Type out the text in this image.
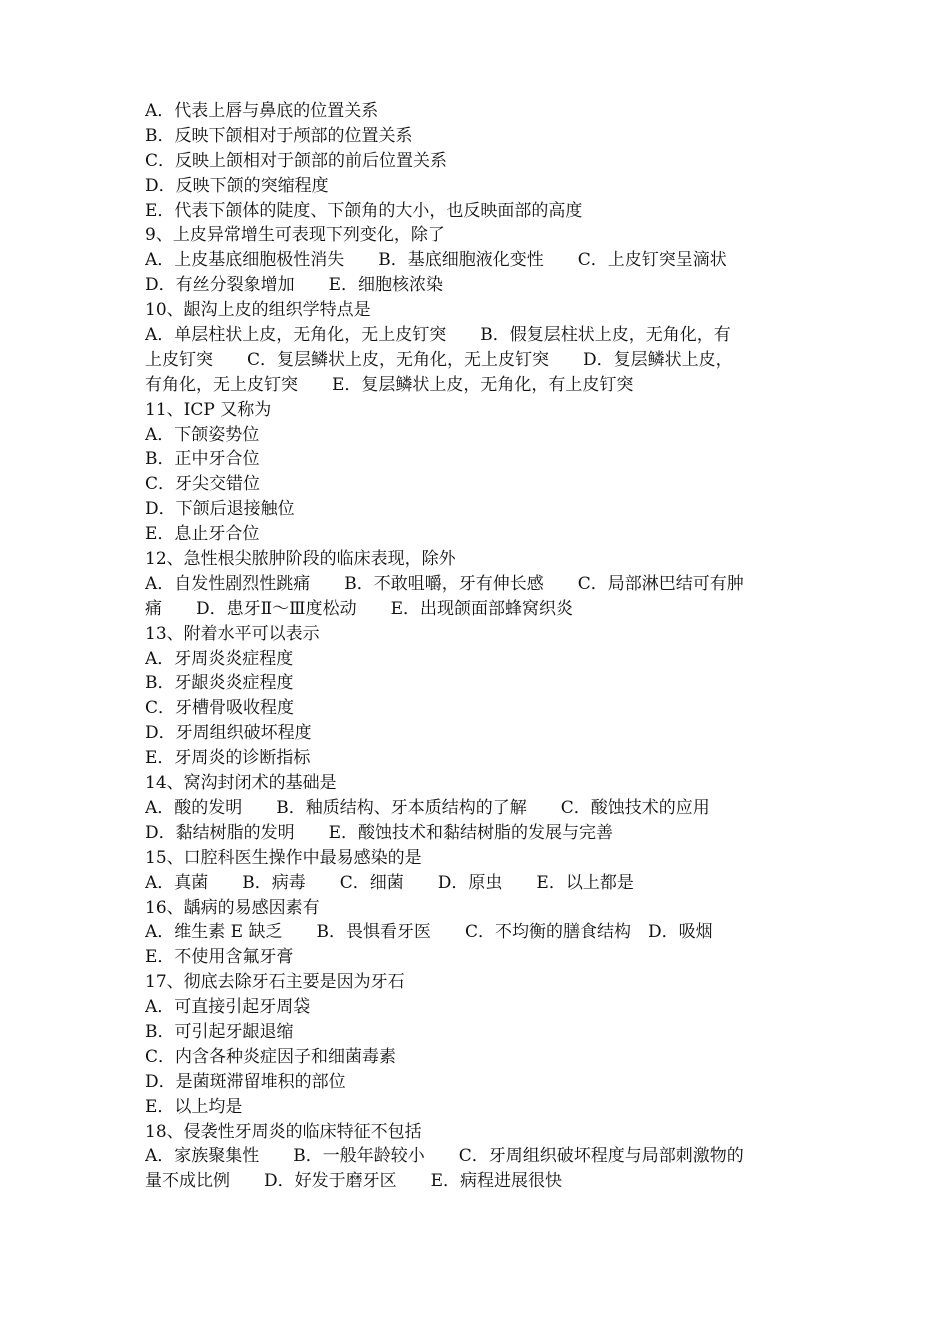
A．代表上唇与鼻底的位置关系
B．反映下颌相对于颅部的位置关系
C．反映上颌相对于颌部的前后位置关系
D．反映下颌的突缩程度
E．代表下颌体的陡度、下颌角的大小，也反映面部的高度
9、上皮异常增生可表现下列变化，除了
A．上皮基底细胞极性消失　　B．基底细胞液化变性　　C．上皮钉突呈滴状
D．有丝分裂象增加　　E．细胞核浓染
10、龈沟上皮的组织学特点是
A．单层柱状上皮，无角化，无上皮钉突　　B．假复层柱状上皮，无角化，有
上皮钉突　　C．复层鳞状上皮，无角化，无上皮钉突　　D．复层鳞状上皮，
有角化，无上皮钉突　　E．复层鳞状上皮，无角化，有上皮钉突
11、ICP 又称为
A．下颌姿势位
B．正中牙合位
C．牙尖交错位
D．下颌后退接触位
E．息止牙合位
12、急性根尖脓肿阶段的临床表现，除外
A．自发性剧烈性跳痛　　B．不敢咀嚼，牙有伸长感　　C．局部淋巴结可有肿
痛　　D．患牙Ⅱ～Ⅲ度松动　　E．出现颌面部蜂窝织炎
13、附着水平可以表示
A．牙周炎炎症程度
B．牙龈炎炎症程度
C．牙槽骨吸收程度
D．牙周组织破坏程度
E．牙周炎的诊断指标
14、窝沟封闭术的基础是
A．酸的发明　　B．釉质结构、牙本质结构的了解　　C．酸蚀技术的应用
D．黏结树脂的发明　　E．酸蚀技术和黏结树脂的发展与完善
15、口腔科医生操作中最易感染的是
A．真菌　　B．病毒　　C．细菌　　D．原虫　　E．以上都是
16、龋病的易感因素有
A．维生素 E 缺乏　　B．畏惧看牙医　　C．不均衡的膳食结构　D．吸烟
E．不使用含氟牙膏
17、彻底去除牙石主要是因为牙石
A．可直接引起牙周袋
B．可引起牙龈退缩
C．内含各种炎症因子和细菌毒素
D．是菌斑滞留堆积的部位
E．以上均是
18、侵袭性牙周炎的临床特征不包括
A．家族聚集性　　B．一般年龄较小　　C．牙周组织破坏程度与局部刺激物的
量不成比例　　D．好发于磨牙区　　E．病程进展很快
